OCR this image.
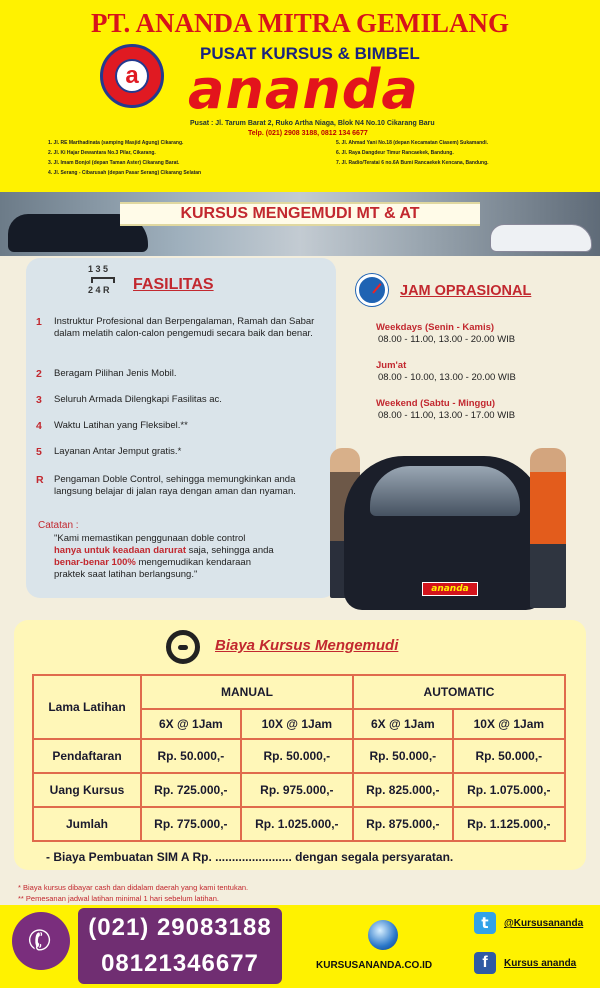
PT. ANANDA MITRA GEMILANG
a
PUSAT KURSUS & BIMBEL
ananda
Pusat : Jl. Tarum Barat 2, Ruko Artha Niaga, Blok N4 No.10 Cikarang Baru
Telp. (021) 2908 3188, 0812 134 6677
1. Jl. RE Marthadinata (samping Masjid Agung) Cikarang.
2. Jl. Ki Hajar Dewantara No.3 Pilar, Cikarang.
3. Jl. Imam Bonjol (depan Taman Aster) Cikarang Barat.
4. Jl. Serang - Cibarusah (depan Pasar Serang) Cikarang Selatan
5. Jl. Ahmad Yani No.18 (depan Kecamatan Ciasem) Sukamandi.
6. Jl. Raya Dangdeur Timur Rancaekek, Bandung.
7. Jl. Radio/Teratai 6 no.6A Bumi Rancaekek Kencana, Bandung.
KURSUS MENGEMUDI MT & AT
1 3 5
2 4 R	FASILITAS
1 Instruktur Profesional dan Berpengalaman, Ramah dan Sabar dalam melatih calon-calon pengemudi secara baik dan benar.
2 Beragam Pilihan Jenis Mobil.
3 Seluruh Armada Dilengkapi Fasilitas ac.
4 Waktu Latihan yang Fleksibel.**
5 Layanan Antar Jemput gratis.*
R Pengaman Doble Control, sehingga memungkinkan anda langsung belajar di jalan raya dengan aman dan nyaman.
Catatan :
"Kami memastikan penggunaan doble control
hanya untuk keadaan darurat saja, sehingga anda
benar-benar 100% mengemudikan kendaraan
praktek saat latihan berlangsung."
JAM OPRASIONAL
Weekdays (Senin - Kamis)
08.00 - 11.00, 13.00 - 20.00 WIB
Jum'at
08.00 - 10.00, 13.00 - 20.00 WIB
Weekend (Sabtu - Minggu)
08.00 - 11.00, 13.00 - 17.00 WIB
ananda
Biaya Kursus Mengemudi
Lama Latihan	MANUAL		AUTOMATIC	
	6X @ 1Jam	10X @ 1Jam	6X @ 1Jam	10X @ 1Jam
Pendaftaran	Rp. 50.000,-	Rp. 50.000,-	Rp. 50.000,-	Rp. 50.000,-
Uang Kursus	Rp. 725.000,-	Rp. 975.000,-	Rp. 825.000,-	Rp. 1.075.000,-
Jumlah	Rp. 775.000,-	Rp. 1.025.000,-	Rp. 875.000,-	Rp. 1.125.000,-
- Biaya Pembuatan SIM A Rp. ....................... dengan segala persyaratan.
* Biaya kursus dibayar cash dan didalam daerah yang kami tentukan.
** Pemesanan jadwal latihan minimal 1 hari sebelum latihan.
✆	(021) 29083188
08121346677	KURSUSANANDA.CO.ID
t	@Kursusananda
f	Kursus ananda
